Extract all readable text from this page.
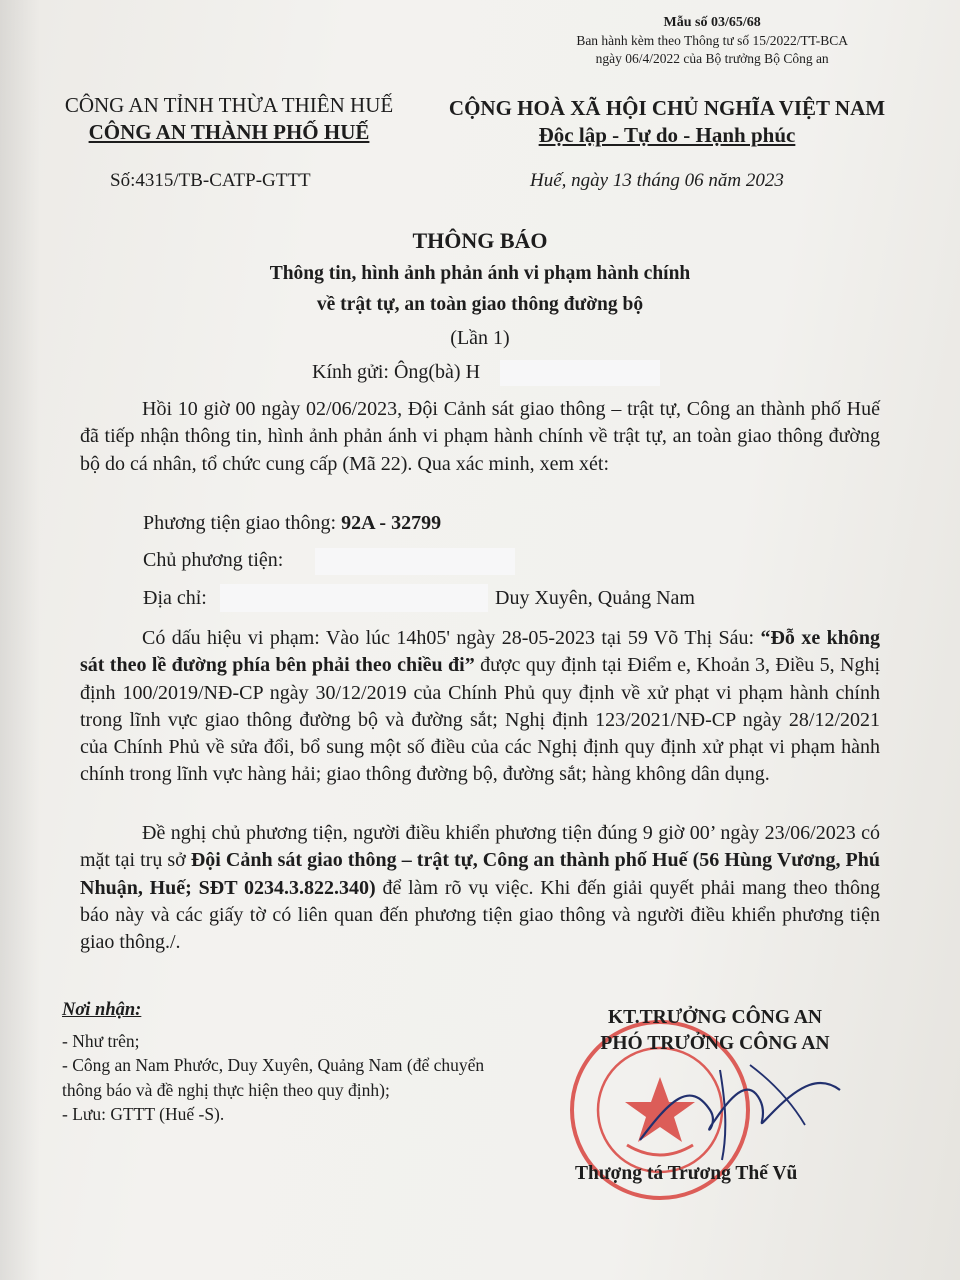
Mẫu số 03/65/68
Ban hành kèm theo Thông tư số 15/2022/TT-BCA
ngày 06/4/2022 của Bộ trưởng Bộ Công an
CÔNG AN TỈNH THỪA THIÊN HUẾ
CÔNG AN THÀNH PHỐ HUẾ
CỘNG HOÀ XÃ HỘI CHỦ NGHĨA VIỆT NAM
Độc lập - Tự do - Hạnh phúc
Số:4315/TB-CATP-GTTT	Huế, ngày 13 tháng 06 năm 2023
THÔNG BÁO
Thông tin, hình ảnh phản ánh vi phạm hành chính
về trật tự, an toàn giao thông đường bộ
(Lần 1)
Kính gửi: Ông(bà) H
Hồi 10 giờ 00 ngày 02/06/2023, Đội Cảnh sát giao thông – trật tự, Công an thành phố Huế đã tiếp nhận thông tin, hình ảnh phản ánh vi phạm hành chính về trật tự, an toàn giao thông đường bộ do cá nhân, tổ chức cung cấp (Mã 22). Qua xác minh, xem xét:
Phương tiện giao thông: 92A - 32799
Chủ phương tiện:
Địa chỉ:	Duy Xuyên, Quảng Nam
Có dấu hiệu vi phạm: Vào lúc 14h05' ngày 28-05-2023 tại 59 Võ Thị Sáu: “Đỗ xe không sát theo lề đường phía bên phải theo chiều đi” được quy định tại Điểm e, Khoản 3, Điều 5, Nghị định 100/2019/NĐ-CP ngày 30/12/2019 của Chính Phủ quy định về xử phạt vi phạm hành chính trong lĩnh vực giao thông đường bộ và đường sắt; Nghị định 123/2021/NĐ-CP ngày 28/12/2021 của Chính Phủ về sửa đổi, bổ sung một số điều của các Nghị định quy định xử phạt vi phạm hành chính trong lĩnh vực hàng hải; giao thông đường bộ, đường sắt; hàng không dân dụng.
Đề nghị chủ phương tiện, người điều khiển phương tiện đúng 9 giờ 00’ ngày 23/06/2023 có mặt tại trụ sở Đội Cảnh sát giao thông – trật tự, Công an thành phố Huế (56 Hùng Vương, Phú Nhuận, Huế; SĐT 0234.3.822.340) để làm rõ vụ việc. Khi đến giải quyết phải mang theo thông báo này và các giấy tờ có liên quan đến phương tiện giao thông và người điều khiển phương tiện giao thông./.
Nơi nhận:
- Như trên;
- Công an Nam Phước, Duy Xuyên, Quảng Nam (để chuyển thông báo và đề nghị thực hiện theo quy định);
- Lưu: GTTT (Huế -S).
KT.TRƯỞNG CÔNG AN
PHÓ TRƯỞNG CÔNG AN
Thượng tá Trương Thế Vũ
